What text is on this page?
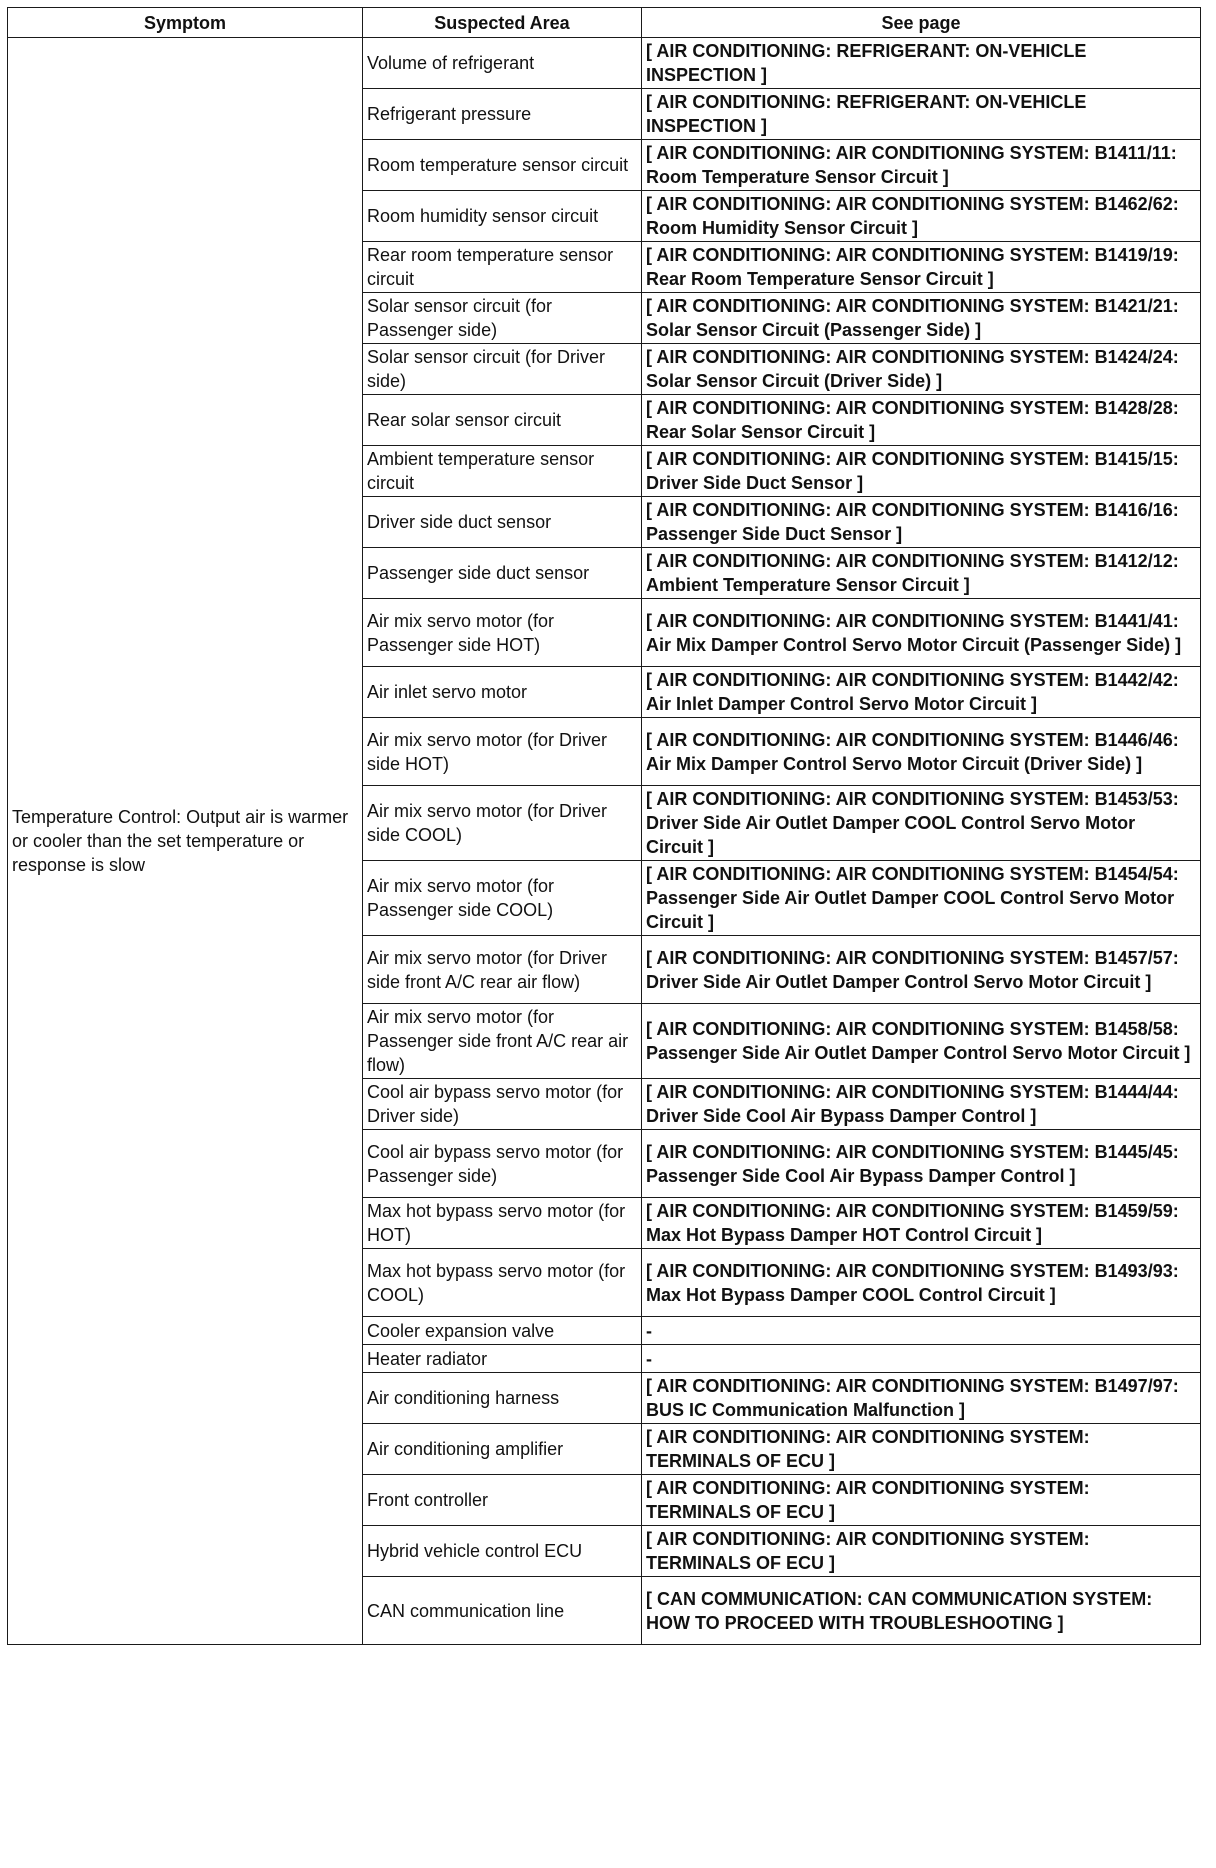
Symptom	Suspected Area	See page
Temperature Control: Output air is warmer or cooler than the set temperature or response is slow	Volume of refrigerant	[ AIR CONDITIONING: REFRIGERANT: ON-VEHICLE INSPECTION ]
	Refrigerant pressure	[ AIR CONDITIONING: REFRIGERANT: ON-VEHICLE INSPECTION ]
	Room temperature sensor circuit	[ AIR CONDITIONING: AIR CONDITIONING SYSTEM: B1411/11: Room Temperature Sensor Circuit ]
	Room humidity sensor circuit	[ AIR CONDITIONING: AIR CONDITIONING SYSTEM: B1462/62: Room Humidity Sensor Circuit ]
	Rear room temperature sensor circuit	[ AIR CONDITIONING: AIR CONDITIONING SYSTEM: B1419/19: Rear Room Temperature Sensor Circuit ]
	Solar sensor circuit (for Passenger side)	[ AIR CONDITIONING: AIR CONDITIONING SYSTEM: B1421/21: Solar Sensor Circuit (Passenger Side) ]
	Solar sensor circuit (for Driver side)	[ AIR CONDITIONING: AIR CONDITIONING SYSTEM: B1424/24: Solar Sensor Circuit (Driver Side) ]
	Rear solar sensor circuit	[ AIR CONDITIONING: AIR CONDITIONING SYSTEM: B1428/28: Rear Solar Sensor Circuit ]
	Ambient temperature sensor circuit	[ AIR CONDITIONING: AIR CONDITIONING SYSTEM: B1415/15: Driver Side Duct Sensor ]
	Driver side duct sensor	[ AIR CONDITIONING: AIR CONDITIONING SYSTEM: B1416/16: Passenger Side Duct Sensor ]
	Passenger side duct sensor	[ AIR CONDITIONING: AIR CONDITIONING SYSTEM: B1412/12: Ambient Temperature Sensor Circuit ]
	Air mix servo motor (for Passenger side HOT)	[ AIR CONDITIONING: AIR CONDITIONING SYSTEM: B1441/41: Air Mix Damper Control Servo Motor Circuit (Passenger Side) ]
	Air inlet servo motor	[ AIR CONDITIONING: AIR CONDITIONING SYSTEM: B1442/42: Air Inlet Damper Control Servo Motor Circuit ]
	Air mix servo motor (for Driver side HOT)	[ AIR CONDITIONING: AIR CONDITIONING SYSTEM: B1446/46: Air Mix Damper Control Servo Motor Circuit (Driver Side) ]
	Air mix servo motor (for Driver side COOL)	[ AIR CONDITIONING: AIR CONDITIONING SYSTEM: B1453/53: Driver Side Air Outlet Damper COOL Control Servo Motor Circuit ]
	Air mix servo motor (for Passenger side COOL)	[ AIR CONDITIONING: AIR CONDITIONING SYSTEM: B1454/54: Passenger Side Air Outlet Damper COOL Control Servo Motor Circuit ]
	Air mix servo motor (for Driver side front A/C rear air flow)	[ AIR CONDITIONING: AIR CONDITIONING SYSTEM: B1457/57: Driver Side Air Outlet Damper Control Servo Motor Circuit ]
	Air mix servo motor (for Passenger side front A/C rear air flow)	[ AIR CONDITIONING: AIR CONDITIONING SYSTEM: B1458/58: Passenger Side Air Outlet Damper Control Servo Motor Circuit ]
	Cool air bypass servo motor (for Driver side)	[ AIR CONDITIONING: AIR CONDITIONING SYSTEM: B1444/44: Driver Side Cool Air Bypass Damper Control ]
	Cool air bypass servo motor (for Passenger side)	[ AIR CONDITIONING: AIR CONDITIONING SYSTEM: B1445/45: Passenger Side Cool Air Bypass Damper Control ]
	Max hot bypass servo motor (for HOT)	[ AIR CONDITIONING: AIR CONDITIONING SYSTEM: B1459/59: Max Hot Bypass Damper HOT Control Circuit ]
	Max hot bypass servo motor (for COOL)	[ AIR CONDITIONING: AIR CONDITIONING SYSTEM: B1493/93: Max Hot Bypass Damper COOL Control Circuit ]
	Cooler expansion valve	-
	Heater radiator	-
	Air conditioning harness	[ AIR CONDITIONING: AIR CONDITIONING SYSTEM: B1497/97: BUS IC Communication Malfunction ]
	Air conditioning amplifier	[ AIR CONDITIONING: AIR CONDITIONING SYSTEM: TERMINALS OF ECU ]
	Front controller	[ AIR CONDITIONING: AIR CONDITIONING SYSTEM: TERMINALS OF ECU ]
	Hybrid vehicle control ECU	[ AIR CONDITIONING: AIR CONDITIONING SYSTEM: TERMINALS OF ECU ]
	CAN communication line	[ CAN COMMUNICATION: CAN COMMUNICATION SYSTEM: HOW TO PROCEED WITH TROUBLESHOOTING ]
